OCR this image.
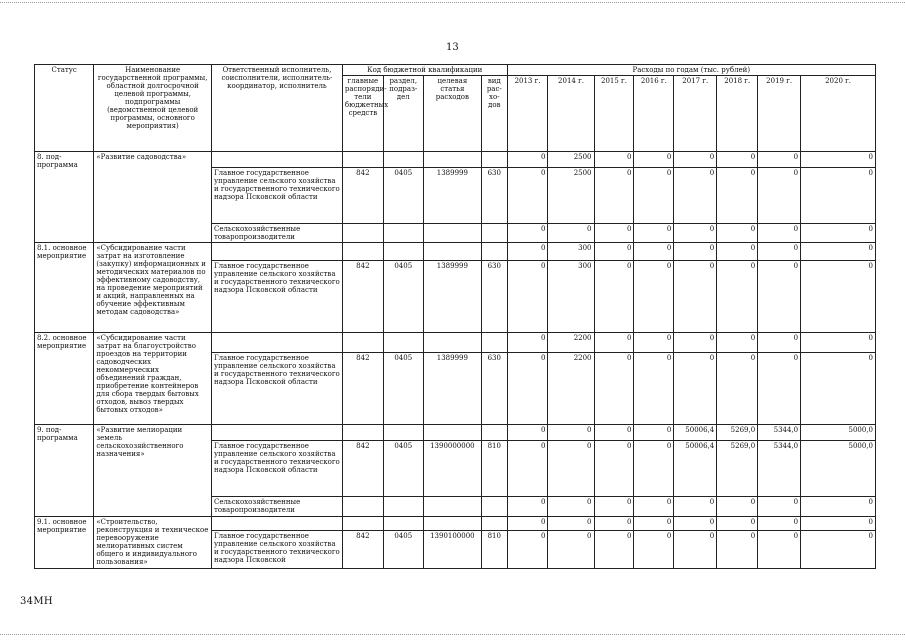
13
Статус	Наименование государственной программы, областной долгосрочной целевой программы, подпрограммы (ведомственной целевой программы, основного мероприятия)	Ответственный исполнитель, соисполнители, исполнитель-координатор, исполнитель	Код бюджетной квалификации				Расходы по годам (тыс. рублей)							
			главные распоряди-тели бюджетных средств	раздел, подраз-дел	целевая статья расходов	вид рас-хо-дов	2013 г.	2014 г.	2015 г.	2016 г.	2017 г.	2018 г.	2019 г.	2020 г.
8. под-программа	«Развитие садоводства»						0	2500	0	0	0	0	0	0
		Главное государственное управление сельского хозяйства и государственного технического надзора Псковской области	842	0405	1389999	630	0	2500	0	0	0	0	0	0
		Сельскохозяйственные товаропроизводители					0	0	0	0	0	0	0	0
8.1. основное мероприятие	«Субсидирование части затрат на изготовление (закупку) информационных и методических материалов по эффективному садоводству, на проведение мероприятий и акций, направленных на обучение эффективным методам садоводства»						0	300	0	0	0	0	0	0
		Главное государственное управление сельского хозяйства и государственного технического надзора Псковской области	842	0405	1389999	630	0	300	0	0	0	0	0	0
8.2. основное мероприятие	«Субсидирование части затрат на благоустройство проездов на территории садоводческих некоммерческих объединений граждан, приобретение контейнеров для сбора твердых бытовых отходов, вывоз твердых бытовых отходов»						0	2200	0	0	0	0	0	0
		Главное государственное управление сельского хозяйства и государственного технического надзора Псковской области	842	0405	1389999	630	0	2200	0	0	0	0	0	0
9. под-программа	«Развитие мелиорации земель сельскохозяйственного назначения»						0	0	0	0	50006,4	5269,0	5344,0	5000,0
		Главное государственное управление сельского хозяйства и государственного технического надзора Псковской области	842	0405	1390000000	810	0	0	0	0	50006,4	5269,0	5344,0	5000,0
		Сельскохозяйственные товаропроизводители					0	0	0	0	0	0	0	0
9.1. основное мероприятие	«Строительство, реконструкция и техническое перевооружение мелиоративных систем общего и индивидуального пользования»						0	0	0	0	0	0	0	0
		Главное государственное управление сельского хозяйства и государственного технического надзора Псковской	842	0405	1390100000	810	0	0	0	0	0	0	0	0
34МН
